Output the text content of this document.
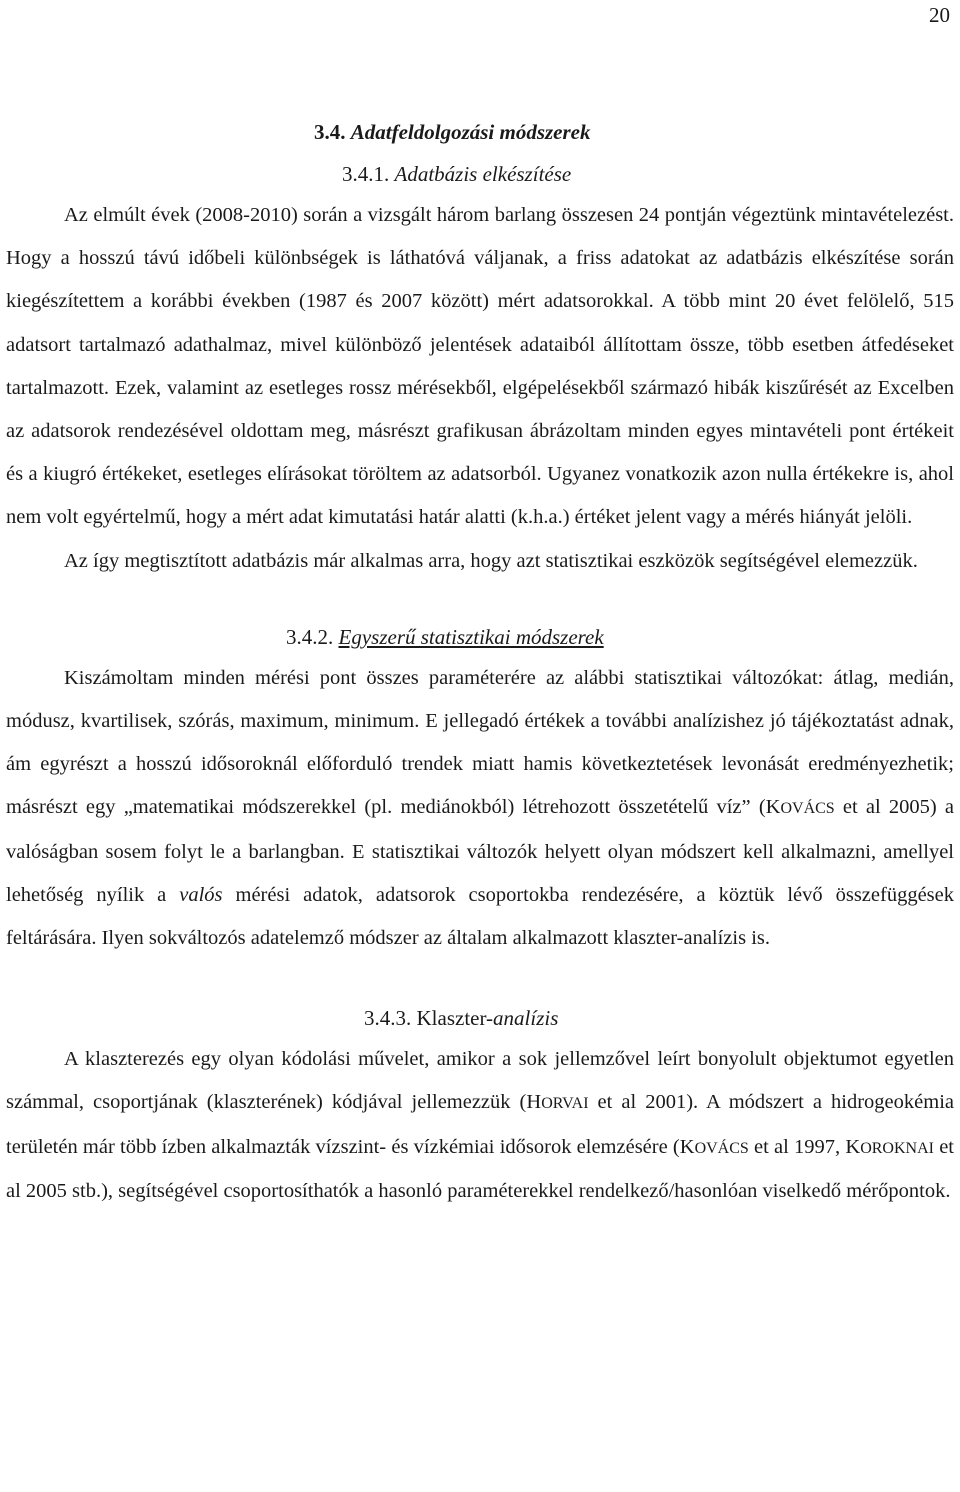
20
3.4. Adatfeldolgozási módszerek
3.4.1. Adatbázis elkészítése

Az elmúlt évek (2008-2010) során a vizsgált három barlang összesen 24 pontján végeztünk mintavételezést. Hogy a hosszú távú időbeli különbségek is láthatóvá váljanak, a friss adatokat az adatbázis elkészítése során kiegészítettem a korábbi években (1987 és 2007 között) mért adatsorokkal. A több mint 20 évet felölelő, 515 adatsort tartalmazó adathalmaz, mivel különböző jelentések adataiból állítottam össze, több esetben átfedéseket tartalmazott. Ezek, valamint az esetleges rossz mérésekből, elgépelésekből származó hibák kiszűrését az Excelben az adatsorok rendezésével oldottam meg, másrészt grafikusan ábrázoltam minden egyes mintavételi pont értékeit és a kiugró értékeket, esetleges elírásokat töröltem az adatsorból. Ugyanez vonatkozik azon nulla értékekre is, ahol nem volt egyértelmű, hogy a mért adat kimutatási határ alatti (k.h.a.) értéket jelent vagy a mérés hiányát jelöli.

Az így megtisztított adatbázis már alkalmas arra, hogy azt statisztikai eszközök segítségével elemezzük.

3.4.2. Egyszerű statisztikai módszerek

Kiszámoltam minden mérési pont összes paraméterére az alábbi statisztikai változókat: átlag, medián, módusz, kvartilisek, szórás, maximum, minimum. E jellegadó értékek a további analízishez jó tájékoztatást adnak, ám egyrészt a hosszú idősoroknál előforduló trendek miatt hamis következtetések levonását eredményezhetik; másrészt egy „matematikai módszerekkel (pl. mediánokból) létrehozott összetételű víz” (KOVÁCS et al 2005) a valóságban sosem folyt le a barlangban. E statisztikai változók helyett olyan módszert kell alkalmazni, amellyel lehetőség nyílik a valós mérési adatok, adatsorok csoportokba rendezésére, a köztük lévő összefüggések feltárására. Ilyen sokváltozós adatelemző módszer az általam alkalmazott klaszter-analízis is.

3.4.3. Klaszter-analízis

A klaszterezés egy olyan kódolási művelet, amikor a sok jellemzővel leírt bonyolult objektumot egyetlen számmal, csoportjának (klaszterének) kódjával jellemezzük (HORVAI et al 2001). A módszert a hidrogeokémia területén már több ízben alkalmazták vízszint- és vízkémiai idősorok elemzésére (KOVÁCS et al 1997, KOROKNAI et al 2005 stb.), segítségével csoportosíthatók a hasonló paraméterekkel rendelkező/hasonlóan viselkedő mérőpontok.
